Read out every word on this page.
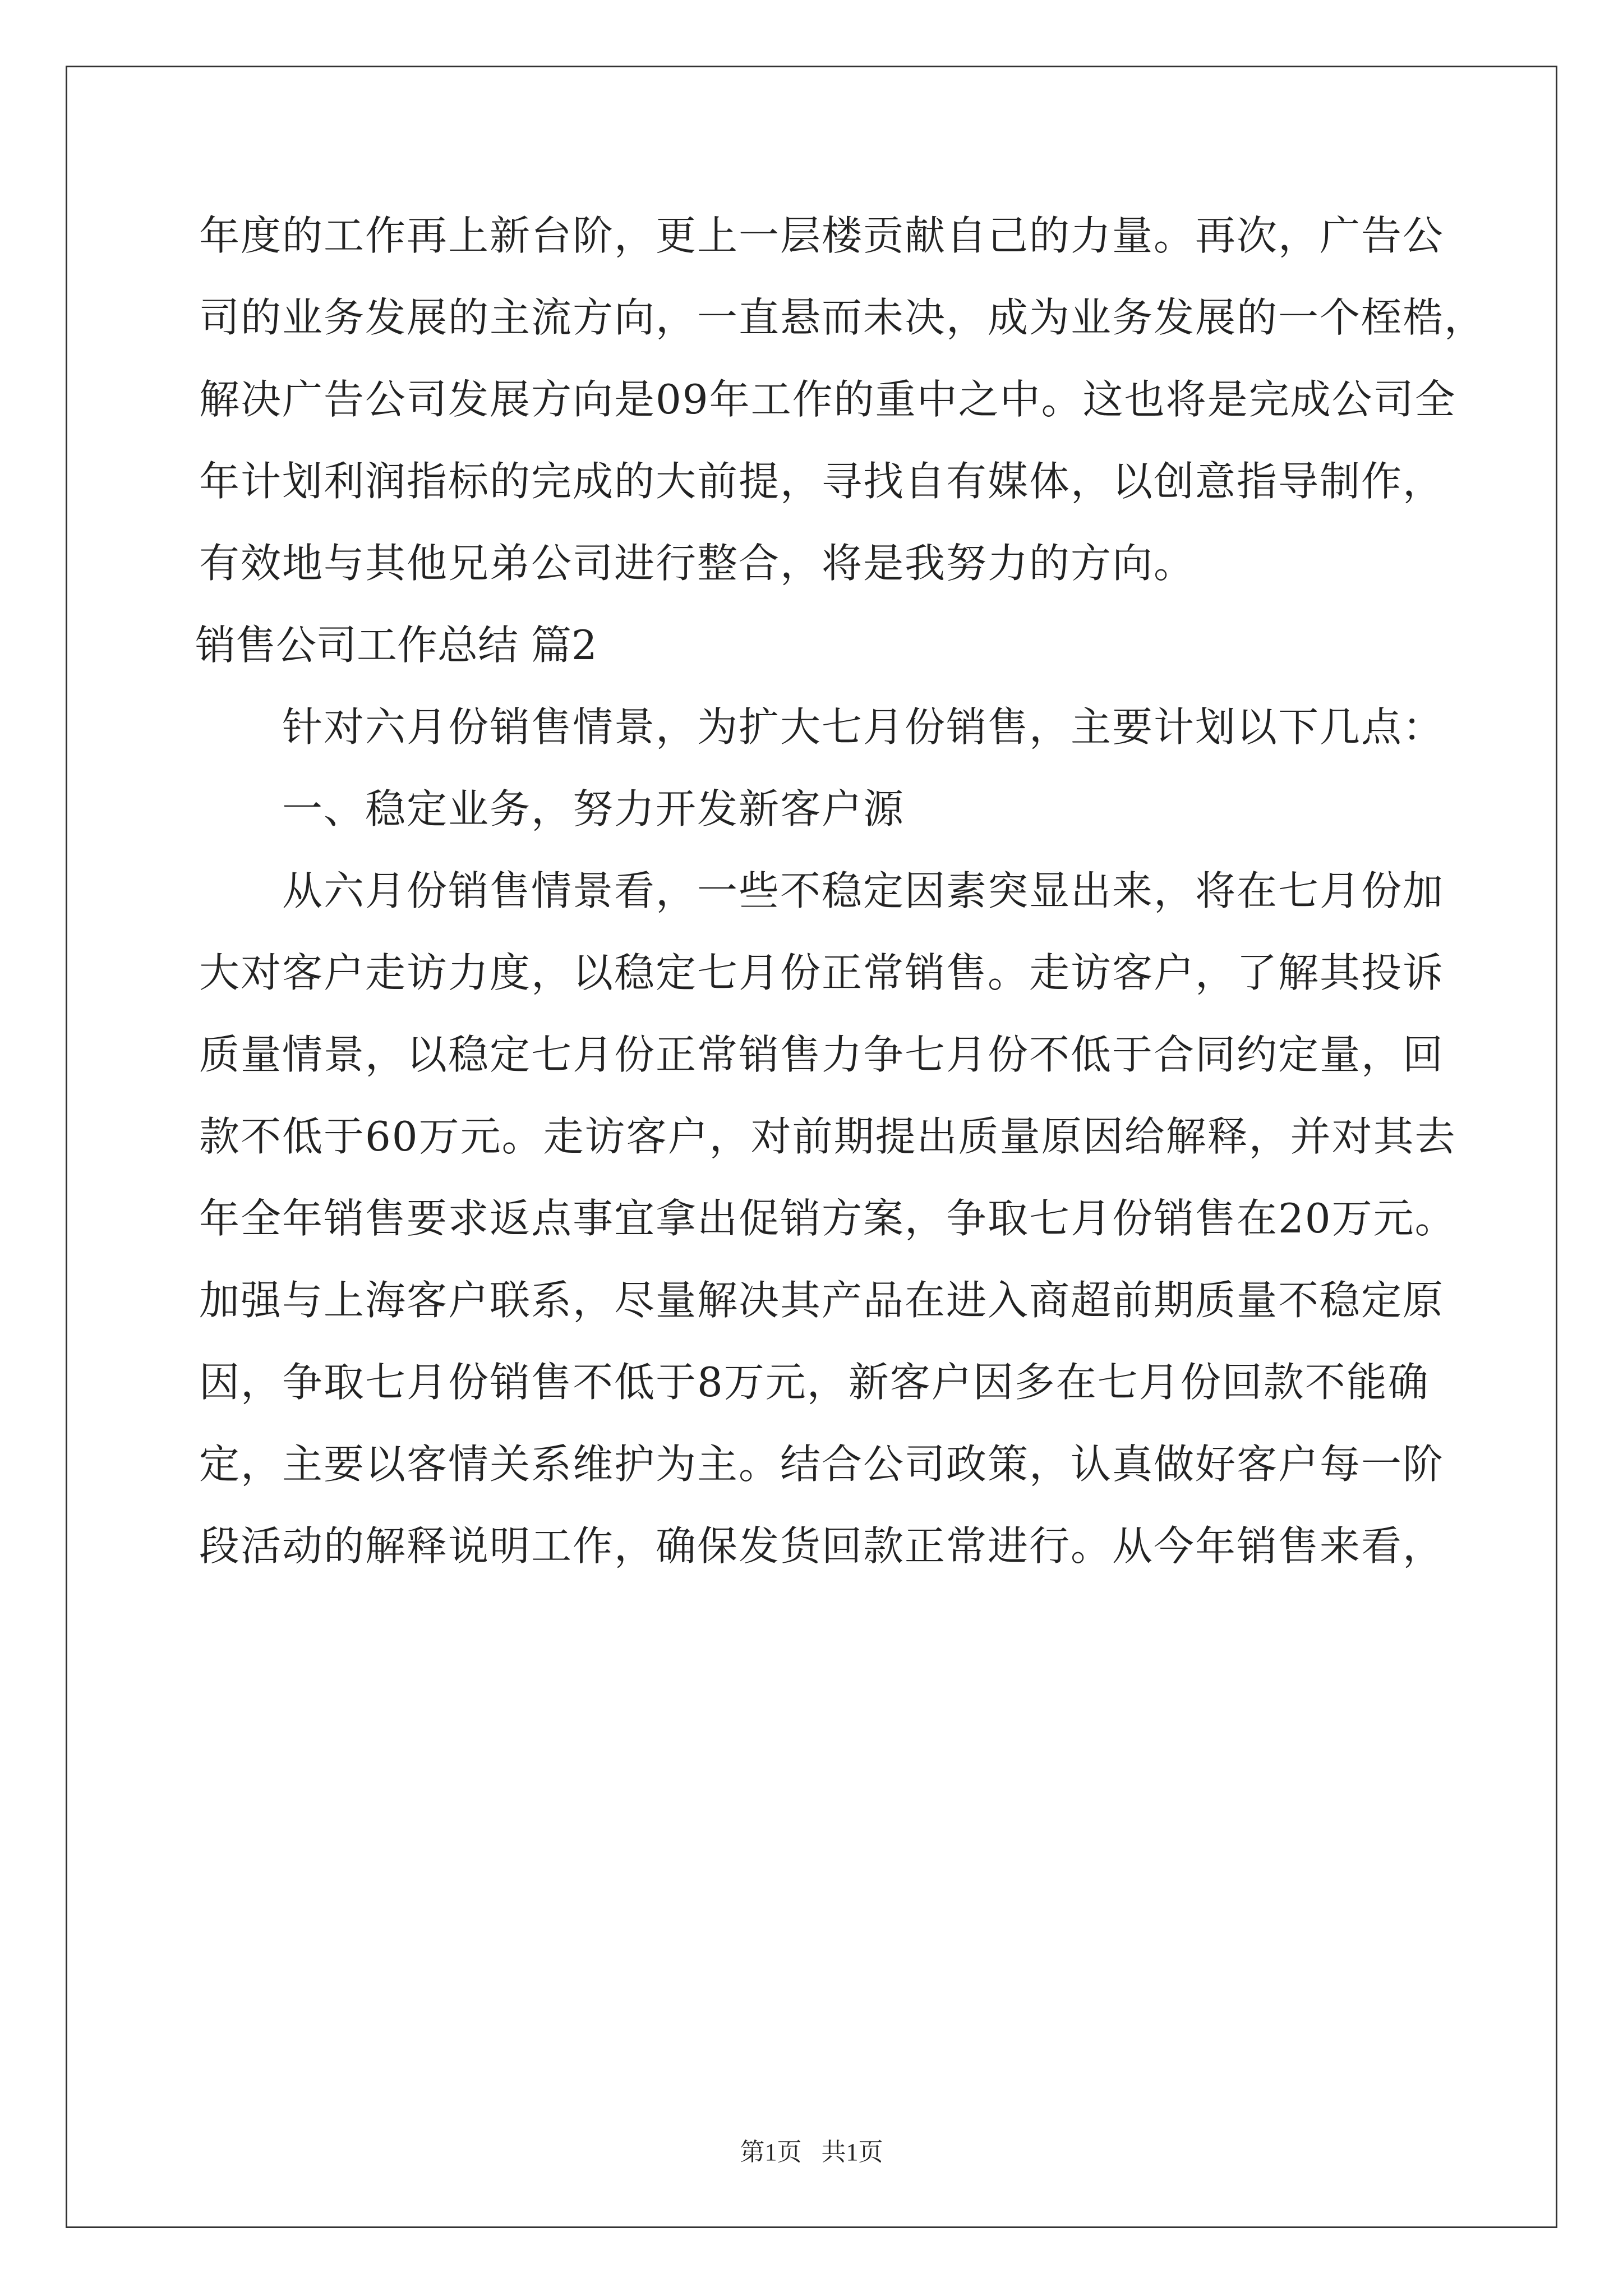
年度的工作再上新台阶，更上一层楼贡献自己的力量。再次，广告公
司的业务发展的主流方向，一直悬而未决，成为业务发展的一个桎梏，
解决广告公司发展方向是09年工作的重中之中。这也将是完成公司全
年计划利润指标的完成的大前提，寻找自有媒体，以创意指导制作，
有效地与其他兄弟公司进行整合，将是我努力的方向。
销售公司工作总结 篇2
针对六月份销售情景，为扩大七月份销售，主要计划以下几点：
一、稳定业务，努力开发新客户源
从六月份销售情景看，一些不稳定因素突显出来，将在七月份加
大对客户走访力度，以稳定七月份正常销售。走访客户，了解其投诉
质量情景，以稳定七月份正常销售力争七月份不低于合同约定量，回
款不低于60万元。走访客户，对前期提出质量原因给解释，并对其去
年全年销售要求返点事宜拿出促销方案，争取七月份销售在20万元。
加强与上海客户联系，尽量解决其产品在进入商超前期质量不稳定原
因，争取七月份销售不低于8万元，新客户因多在七月份回款不能确
定，主要以客情关系维护为主。结合公司政策，认真做好客户每一阶
段活动的解释说明工作，确保发货回款正常进行。从今年销售来看，
第1页 共1页
